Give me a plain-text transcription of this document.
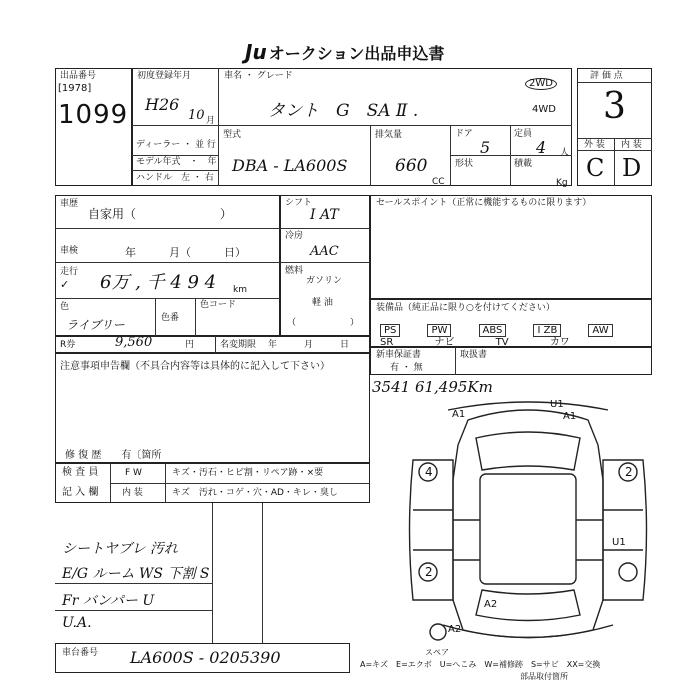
Ju オークション出品申込書
出品番号
[1978]
1099
初度登録年月
H26
10 月
車名 ・ グレード
タント　G　SA Ⅱ .
2WD
4WD
ディーラー ・ 並 行
モデル年式　・　年
ハンドル　左 ・ 右
型式
DBA - LA600S
排気量
660
CC
ドア
5
定員
4 人
形状	積載
Kg
評 価 点
3
外 装 内 装
C D
車歴
自家用（　　　　　　　）
車検	年　　　月（　　　日）
走行
✓ 6万 , 千 4 9 4 km
色
ライブリー	色番
色コード
シフト
I AT
冷房
AAC
燃料
ガソリン
軽 油
（　　　　　　）
セールスポイント（正常に機能するものに限ります）
装備品（純正品に限り○を付けてください）
PS	PW	ABS	I ZB	AW
SR	ナビ	TV	カワ
R券	9,560	円	名変期限 年　　　月　　　日
新車保証書
有 ・ 無
取扱書
注意事項申告欄（不具合内容等は具体的に記入して下さい）
修 復 歴　　有〔箇所
3541 61,495Km
検 査 員
記 入 欄
F W
内 装
キズ・汚石・ヒビ割・リペア跡・×要
キズ　汚れ・コゲ・穴・AD・キレ・臭し
シートヤブレ 汚れ
E/G ルーム WS 下割 S
Fr バンパー U
U.A.
車台番号 LA600S - 0205390	A=キズ　E=エクボ　U=へこみ　W=補修跡　S=サビ　XX=交換
部品取付箇所
A1
U1
A1
4	2
U1
2
A2
A2
スペア
